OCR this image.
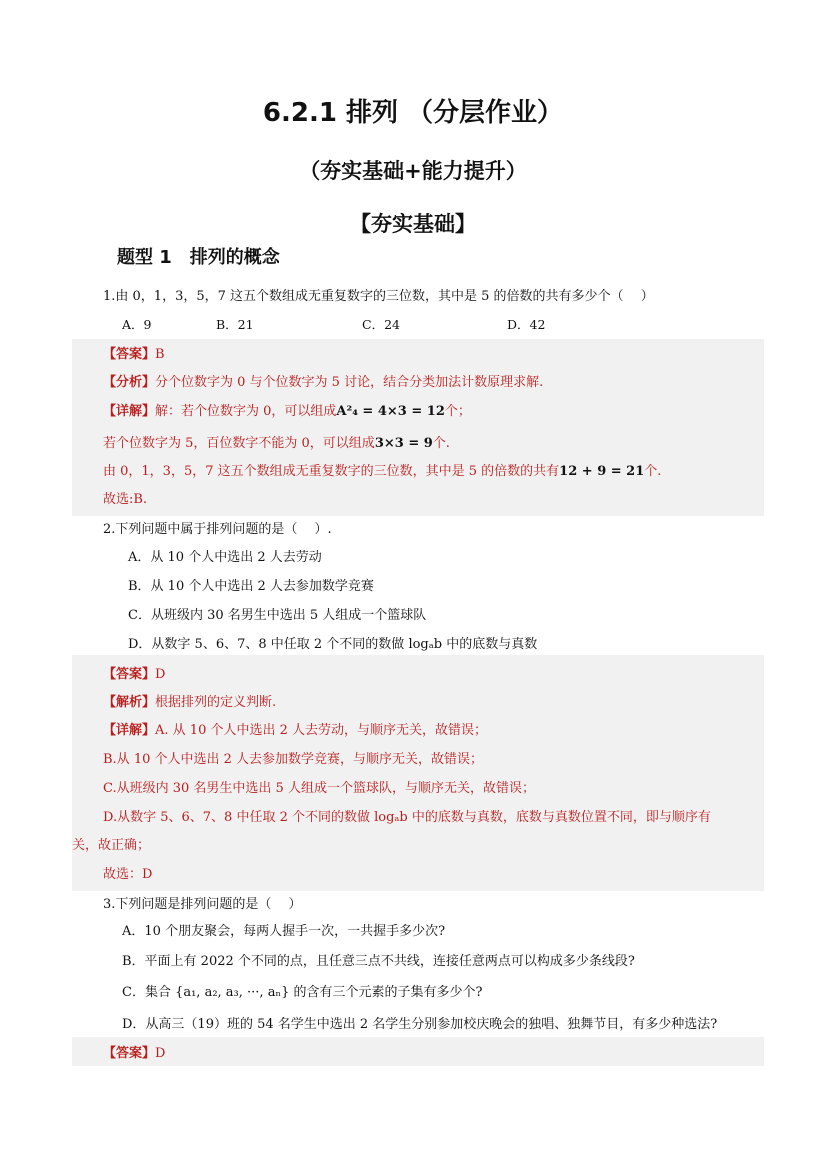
6.2.1 排列 （分层作业）
（夯实基础+能力提升）
【夯实基础】
题型 1　排列的概念
1.由 0，1，3，5，7 这五个数组成无重复数字的三位数，其中是 5 的倍数的共有多少个（　 ）
A．9	B．21	C．24	D．42
【答案】B
【分析】分个位数字为 0 与个位数字为 5 讨论，结合分类加法计数原理求解.
【详解】解：若个位数字为 0，可以组成A²₄ = 4×3 = 12个；
若个位数字为 5，百位数字不能为 0，可以组成3×3 = 9个.
由 0，1，3，5，7 这五个数组成无重复数字的三位数，其中是 5 的倍数的共有12 + 9 = 21个.
故选:B.
2.下列问题中属于排列问题的是（　 ）.
A．从 10 个人中选出 2 人去劳动
B．从 10 个人中选出 2 人去参加数学竞赛
C．从班级内 30 名男生中选出 5 人组成一个篮球队
D．从数字 5、6、7、8 中任取 2 个不同的数做 logₐb 中的底数与真数
【答案】D
【解析】根据排列的定义判断.
【详解】A. 从 10 个人中选出 2 人去劳动，与顺序无关，故错误；
B.从 10 个人中选出 2 人去参加数学竞赛，与顺序无关，故错误；
C.从班级内 30 名男生中选出 5 人组成一个篮球队，与顺序无关，故错误；
D.从数字 5、6、7、8 中任取 2 个不同的数做 logₐb 中的底数与真数，底数与真数位置不同，即与顺序有
关，故正确；
故选：D
3.下列问题是排列问题的是（　 ）
A．10 个朋友聚会，每两人握手一次，一共握手多少次?
B．平面上有 2022 个不同的点，且任意三点不共线，连接任意两点可以构成多少条线段?
C．集合 {a₁, a₂, a₃, ···, aₙ} 的含有三个元素的子集有多少个?
D．从高三（19）班的 54 名学生中选出 2 名学生分别参加校庆晚会的独唱、独舞节目，有多少种选法?
【答案】D
